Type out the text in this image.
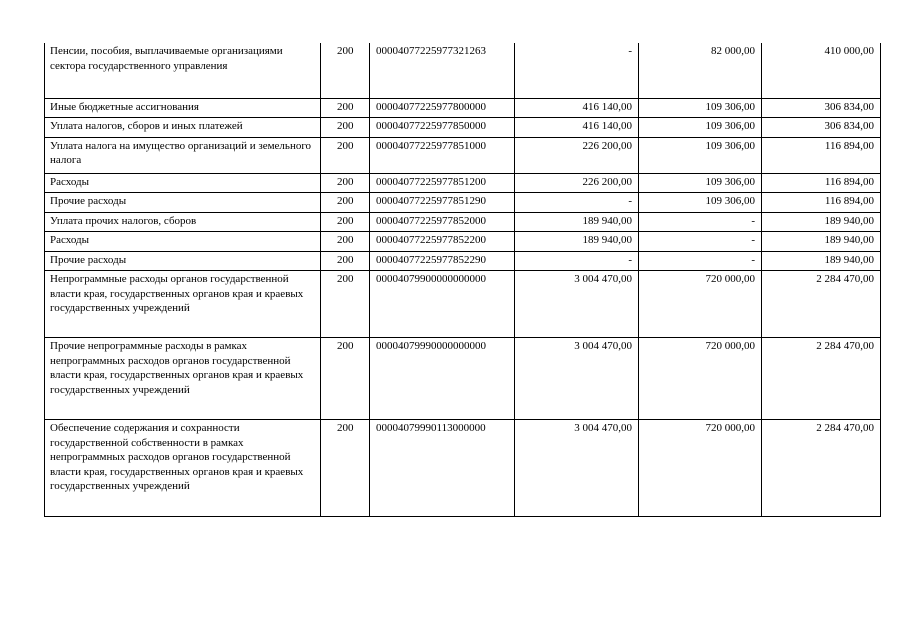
Пенсии, пособия, выплачиваемые организациями сектора государственного управления	200	00004077225977321263	-	82 000,00	410 000,00
Иные бюджетные ассигнования	200	00004077225977800000	416 140,00	109 306,00	306 834,00
Уплата налогов, сборов и иных платежей	200	00004077225977850000	416 140,00	109 306,00	306 834,00
Уплата налога на имущество организаций и земельного налога	200	00004077225977851000	226 200,00	109 306,00	116 894,00
Расходы	200	00004077225977851200	226 200,00	109 306,00	116 894,00
Прочие расходы	200	00004077225977851290	-	109 306,00	116 894,00
Уплата прочих налогов, сборов	200	00004077225977852000	189 940,00	-	189 940,00
Расходы	200	00004077225977852200	189 940,00	-	189 940,00
Прочие расходы	200	00004077225977852290	-	-	189 940,00
Непрограммные расходы органов государственной власти края, государственных органов края и краевых государственных учреждений	200	00004079900000000000	3 004 470,00	720 000,00	2 284 470,00
Прочие непрограммные расходы в рамках непрограммных расходов органов государственной власти края, государственных органов края и краевых государственных учреждений	200	00004079990000000000	3 004 470,00	720 000,00	2 284 470,00
Обеспечение содержания и сохранности государственной собственности в рамках непрограммных расходов органов государственной власти края, государственных органов края и краевых государственных учреждений	200	00004079990113000000	3 004 470,00	720 000,00	2 284 470,00
